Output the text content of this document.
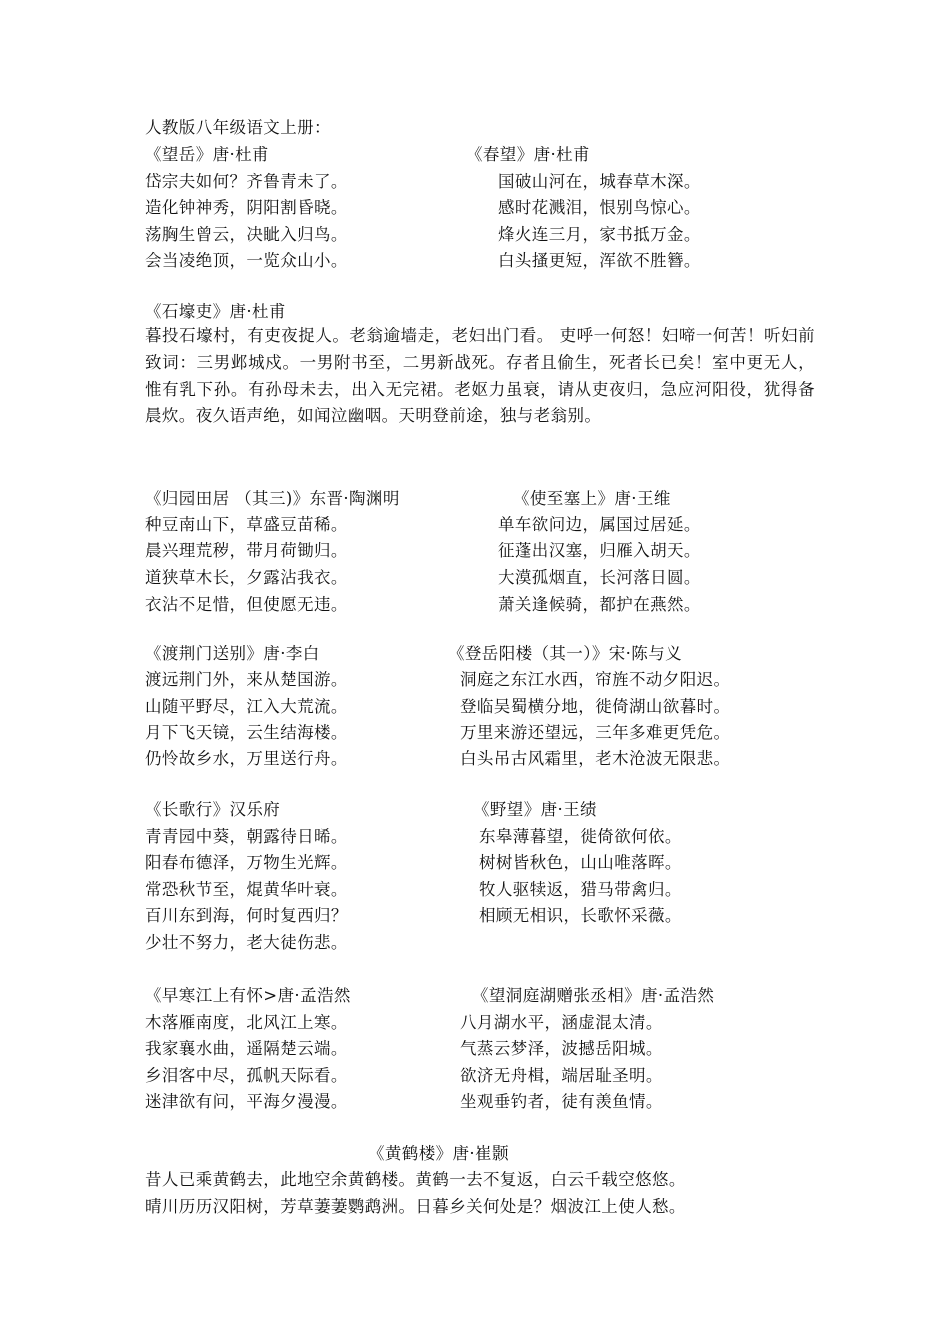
人教版八年级语文上册：
《望岳》唐·杜甫
岱宗夫如何？齐鲁青未了。
造化钟神秀，阴阳割昏晓。
荡胸生曾云，决眦入归鸟。
会当凌绝顶，一览众山小。
《春望》唐·杜甫
国破山河在，城春草木深。
感时花溅泪，恨别鸟惊心。
烽火连三月，家书抵万金。
白头搔更短，浑欲不胜簪。
《石壕吏》唐·杜甫
暮投石壕村，有吏夜捉人。老翁逾墙走，老妇出门看。 吏呼一何怒！妇啼一何苦！听妇前致词：三男邺城戍。一男附书至，二男新战死。存者且偷生，死者长已矣！室中更无人，惟有乳下孙。有孙母未去，出入无完裙。老妪力虽衰，请从吏夜归，急应河阳役，犹得备晨炊。夜久语声绝，如闻泣幽咽。天明登前途，独与老翁别。
《归园田居 （其三)》东晋·陶渊明
种豆南山下，草盛豆苗稀。
晨兴理荒秽，带月荷锄归。
道狭草木长，夕露沾我衣。
衣沾不足惜，但使愿无违。
《使至塞上》唐·王维
单车欲问边，属国过居延。
征蓬出汉塞，归雁入胡天。
大漠孤烟直，长河落日圆。
萧关逢候骑，都护在燕然。
《渡荆门送别》唐·李白
渡远荆门外，来从楚国游。
山随平野尽，江入大荒流。
月下飞天镜，云生结海楼。
仍怜故乡水，万里送行舟。
《登岳阳楼（其一）》宋·陈与义
洞庭之东江水西，帘旌不动夕阳迟。
登临吴蜀横分地，徙倚湖山欲暮时。
万里来游还望远，三年多难更凭危。
白头吊古风霜里，老木沧波无限悲。
《长歌行》汉乐府
青青园中葵，朝露待日晞。
阳春布德泽，万物生光辉。
常恐秋节至，焜黄华叶衰。
百川东到海，何时复西归？
少壮不努力，老大徒伤悲。
《野望》唐·王绩
东皋薄暮望，徙倚欲何依。
树树皆秋色，山山唯落晖。
牧人驱犊返，猎马带禽归。
相顾无相识，长歌怀采薇。
《早寒江上有怀>唐·孟浩然
木落雁南度，北风江上寒。
我家襄水曲，遥隔楚云端。
乡泪客中尽，孤帆天际看。
迷津欲有问，平海夕漫漫。
《望洞庭湖赠张丞相》唐·孟浩然
八月湖水平，涵虚混太清。
气蒸云梦泽，波撼岳阳城。
欲济无舟楫，端居耻圣明。
坐观垂钓者，徒有羡鱼情。
《黄鹤楼》唐·崔颢
昔人已乘黄鹤去，此地空余黄鹤楼。黄鹤一去不复返，白云千载空悠悠。
晴川历历汉阳树，芳草萋萋鹦鹉洲。日暮乡关何处是？烟波江上使人愁。
